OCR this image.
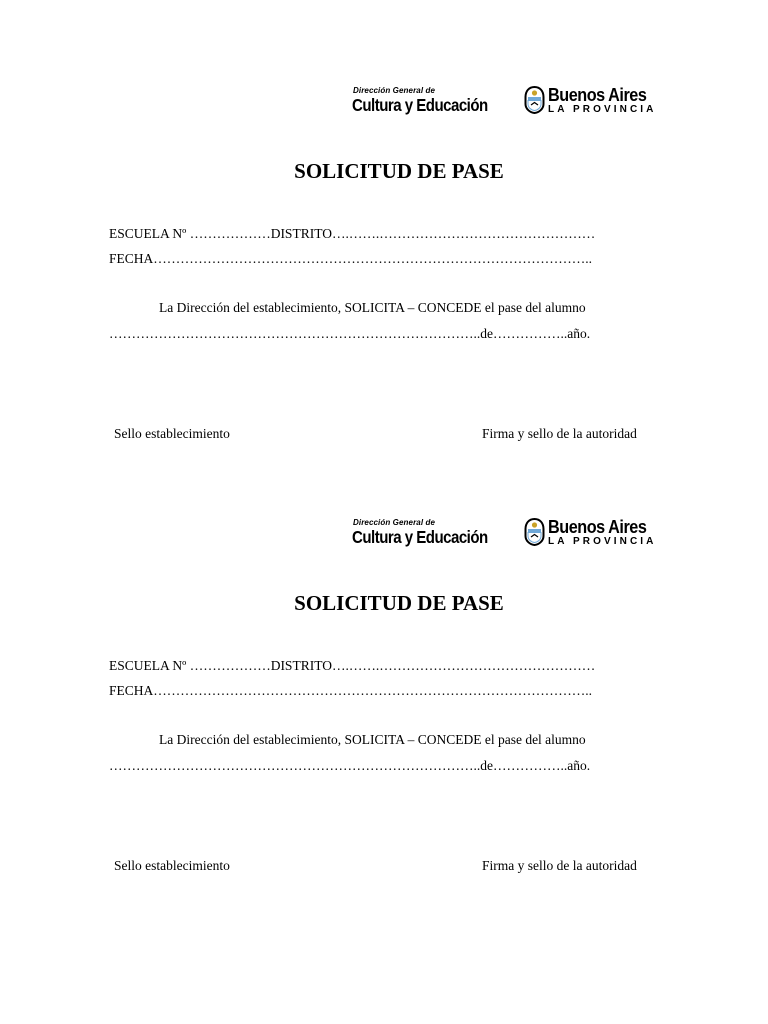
Dirección General de
Cultura y Educación	Buenos Aires
LA PROVINCIA
SOLICITUD DE PASE
ESCUELA Nº ………………DISTRITO….…….…………………………………………
FECHA……………………………………………………………………………………..
La Dirección del establecimiento, SOLICITA – CONCEDE el pase del alumno
………………………………………………………………………..de……………..año.
Sello establecimiento	Firma y sello de la autoridad
Dirección General de
Cultura y Educación	Buenos Aires
LA PROVINCIA
SOLICITUD DE PASE
ESCUELA Nº ………………DISTRITO….…….…………………………………………
FECHA……………………………………………………………………………………..
La Dirección del establecimiento, SOLICITA – CONCEDE el pase del alumno
………………………………………………………………………..de……………..año.
Sello establecimiento	Firma y sello de la autoridad
